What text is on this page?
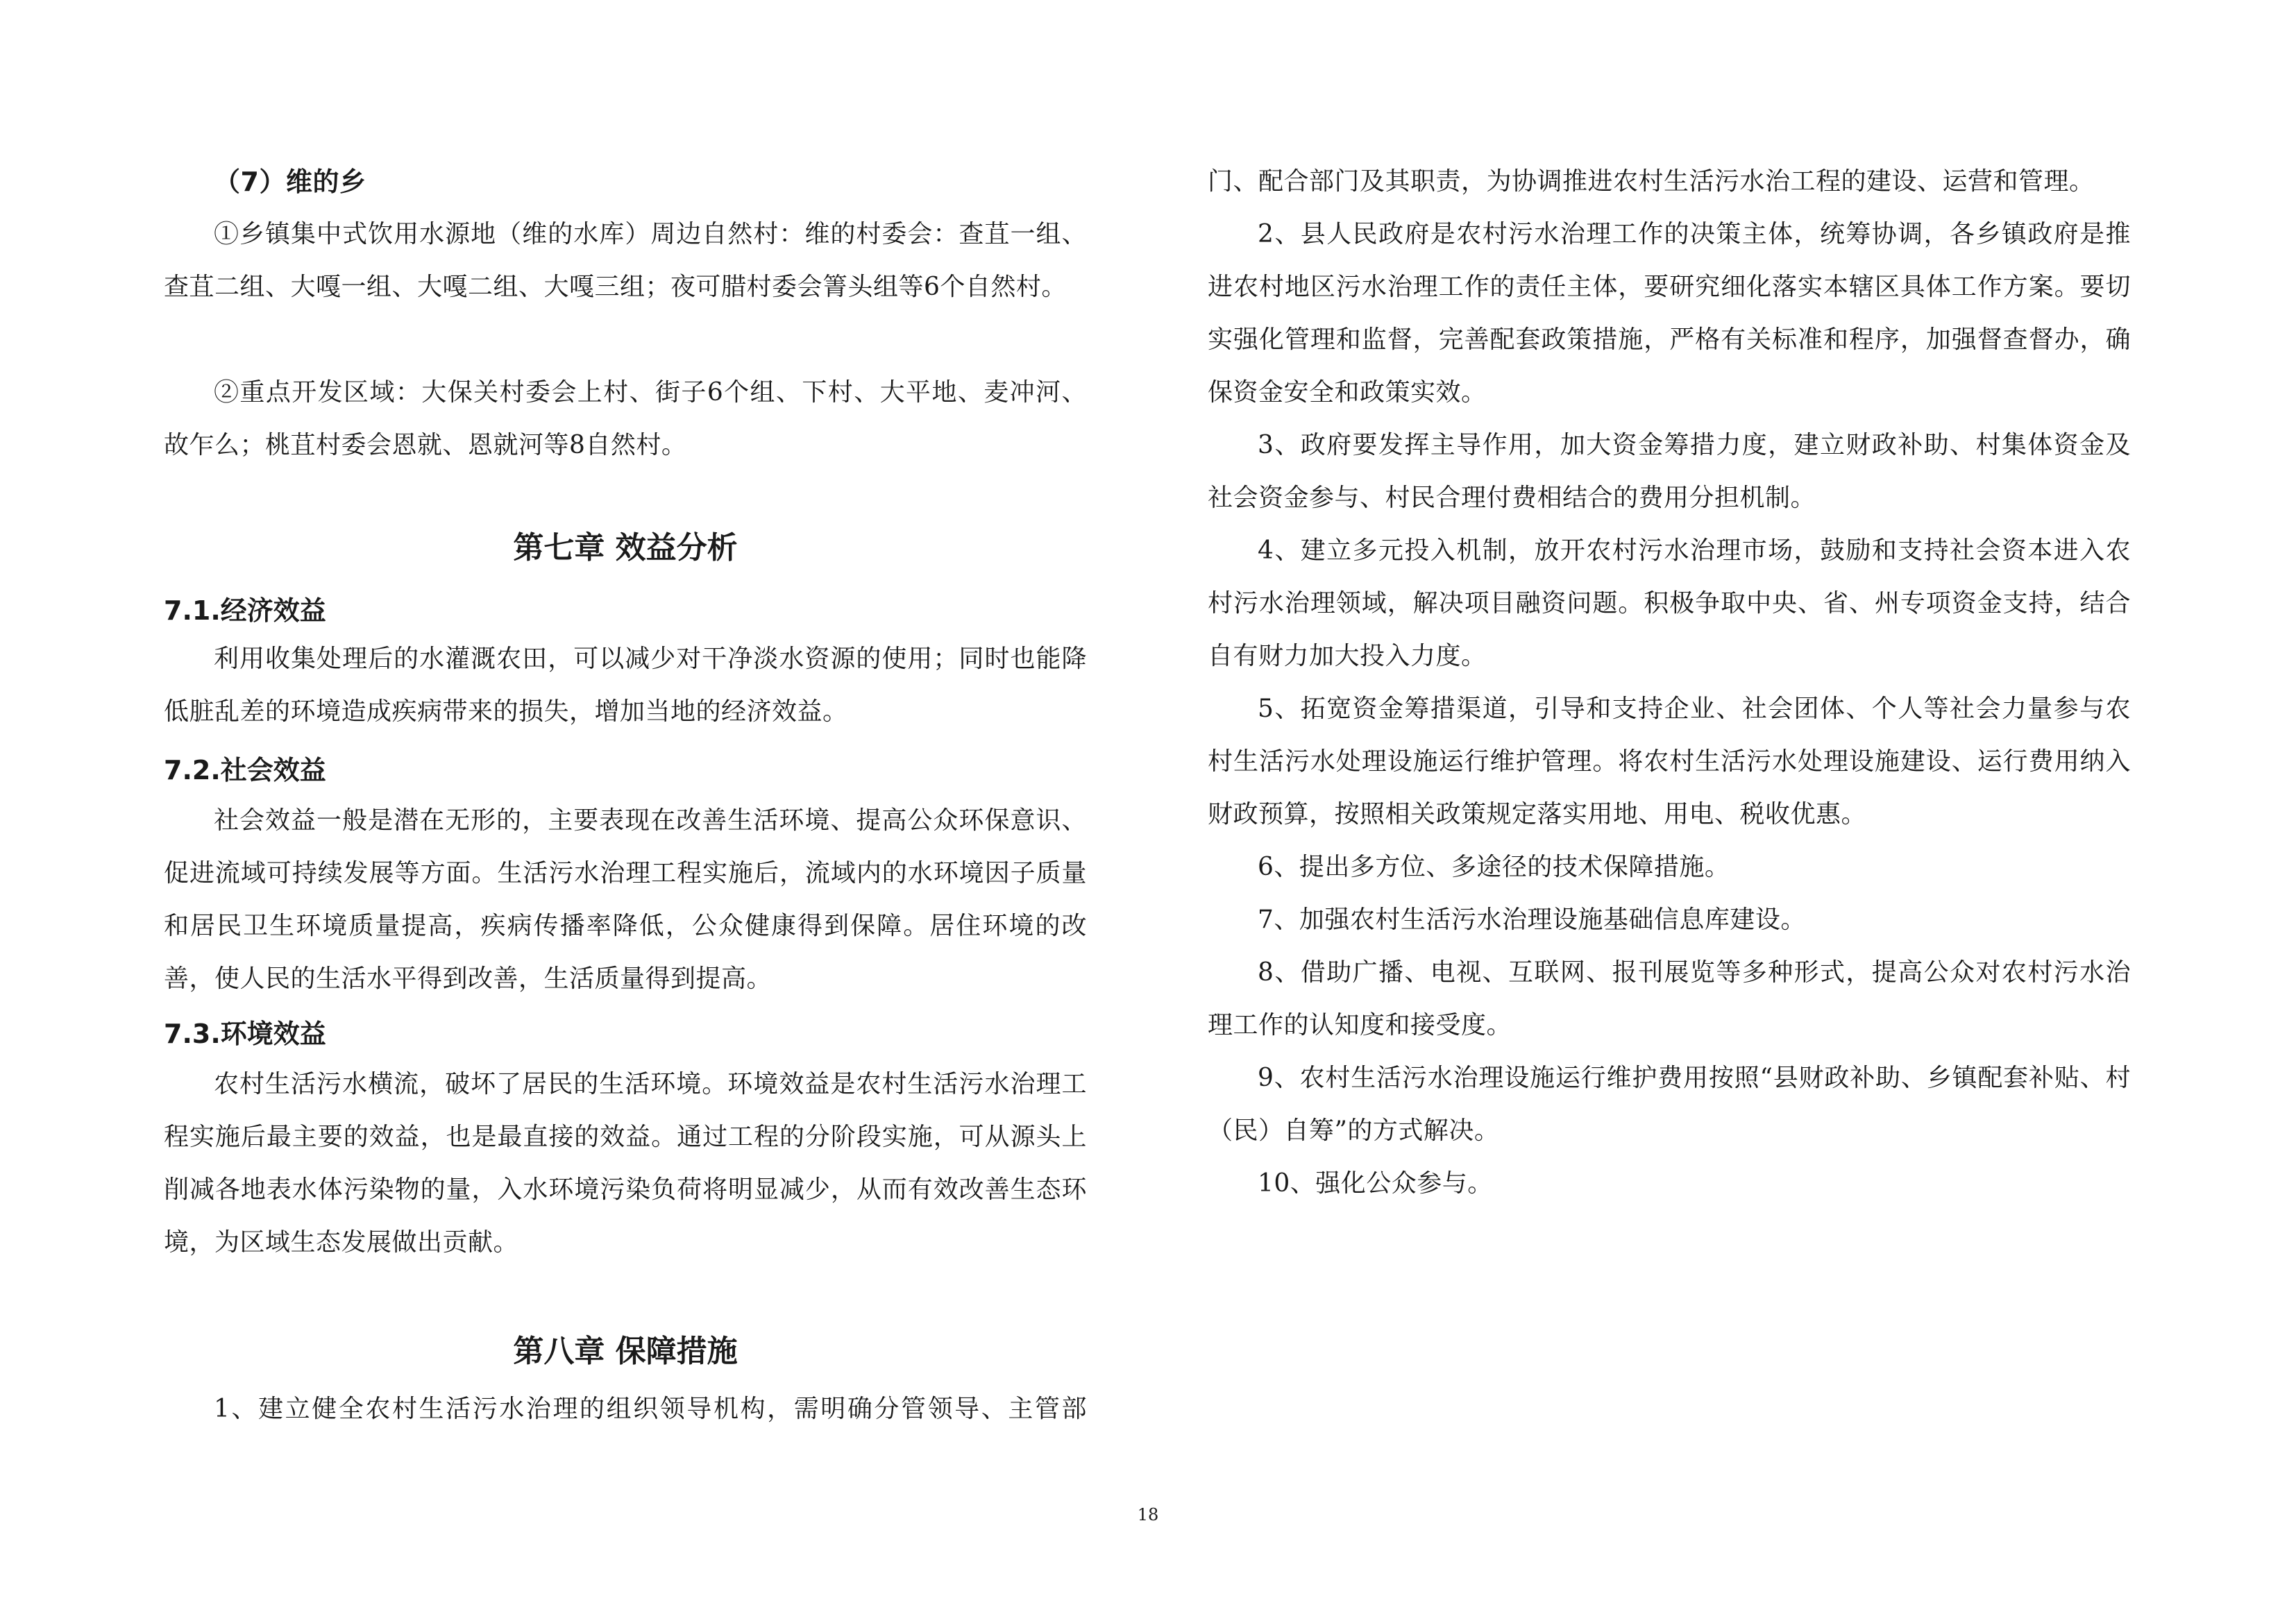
（7）维的乡

①乡镇集中式饮用水源地（维的水库）周边自然村：维的村委会：查苴一组、查苴二组、大嘎一组、大嘎二组、大嘎三组；夜可腊村委会箐头组等6个自然村。

②重点开发区域：大保关村委会上村、街子6个组、下村、大平地、麦冲河、故乍么；桃苴村委会恩就、恩就河等8自然村。

第七章 效益分析
7.1.经济效益

利用收集处理后的水灌溉农田，可以减少对干净淡水资源的使用；同时也能降低脏乱差的环境造成疾病带来的损失，增加当地的经济效益。

7.2.社会效益

社会效益一般是潜在无形的，主要表现在改善生活环境、提高公众环保意识、促进流域可持续发展等方面。生活污水治理工程实施后，流域内的水环境因子质量和居民卫生环境质量提高，疾病传播率降低，公众健康得到保障。居住环境的改善，使人民的生活水平得到改善，生活质量得到提高。

7.3.环境效益

农村生活污水横流，破坏了居民的生活环境。环境效益是农村生活污水治理工程实施后最主要的效益，也是最直接的效益。通过工程的分阶段实施，可从源头上削减各地表水体污染物的量，入水环境污染负荷将明显减少，从而有效改善生态环境，为区域生态发展做出贡献。

第八章 保障措施

1、建立健全农村生活污水治理的组织领导机构，需明确分管领导、主管部

门、配合部门及其职责，为协调推进农村生活污水治工程的建设、运营和管理。

2、县人民政府是农村污水治理工作的决策主体，统筹协调，各乡镇政府是推进农村地区污水治理工作的责任主体，要研究细化落实本辖区具体工作方案。要切实强化管理和监督，完善配套政策措施，严格有关标准和程序，加强督查督办，确保资金安全和政策实效。

3、政府要发挥主导作用，加大资金筹措力度，建立财政补助、村集体资金及社会资金参与、村民合理付费相结合的费用分担机制。

4、建立多元投入机制，放开农村污水治理市场，鼓励和支持社会资本进入农村污水治理领域，解决项目融资问题。积极争取中央、省、州专项资金支持，结合自有财力加大投入力度。

5、拓宽资金筹措渠道，引导和支持企业、社会团体、个人等社会力量参与农村生活污水处理设施运行维护管理。将农村生活污水处理设施建设、运行费用纳入财政预算，按照相关政策规定落实用地、用电、税收优惠。

6、提出多方位、多途径的技术保障措施。

7、加强农村生活污水治理设施基础信息库建设。

8、借助广播、电视、互联网、报刊展览等多种形式，提高公众对农村污水治理工作的认知度和接受度。

9、农村生活污水治理设施运行维护费用按照“县财政补助、乡镇配套补贴、村（民）自筹”的方式解决。

10、强化公众参与。

18
